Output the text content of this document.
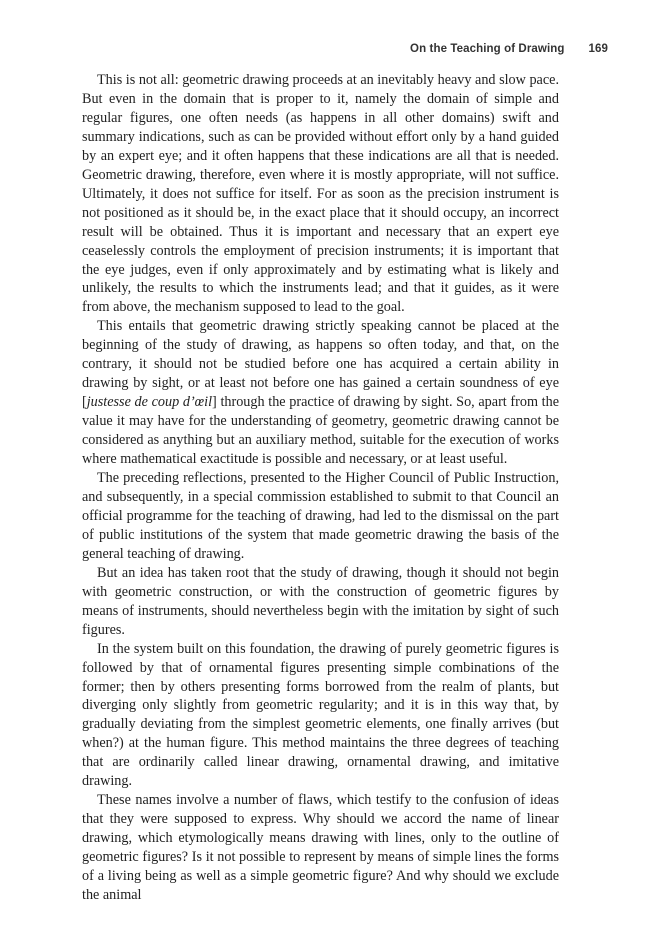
On the Teaching of Drawing 169

This is not all: geometric drawing proceeds at an inevitably heavy and slow pace. But even in the domain that is proper to it, namely the domain of simple and regular figures, one often needs (as happens in all other domains) swift and summary indications, such as can be provided without effort only by a hand guided by an expert eye; and it often happens that these indications are all that is needed. Geometric drawing, therefore, even where it is mostly appropriate, will not suffice. Ultimately, it does not suffice for itself. For as soon as the precision instrument is not positioned as it should be, in the exact place that it should occupy, an incorrect result will be obtained. Thus it is important and necessary that an expert eye ceaselessly controls the employment of precision instruments; it is important that the eye judges, even if only approximately and by estimating what is likely and unlikely, the results to which the instruments lead; and that it guides, as it were from above, the mechanism supposed to lead to the goal.

This entails that geometric drawing strictly speaking cannot be placed at the beginning of the study of drawing, as happens so often today, and that, on the contrary, it should not be studied before one has acquired a certain ability in drawing by sight, or at least not before one has gained a certain soundness of eye [justesse de coup d’œil] through the practice of drawing by sight. So, apart from the value it may have for the understanding of geometry, geometric drawing cannot be considered as anything but an auxiliary method, suitable for the execution of works where mathematical exactitude is possible and necessary, or at least useful.

The preceding reflections, presented to the Higher Council of Public Instruction, and subsequently, in a special commission established to submit to that Council an official programme for the teaching of drawing, had led to the dismissal on the part of public institutions of the system that made geometric drawing the basis of the general teaching of drawing.

But an idea has taken root that the study of drawing, though it should not begin with geometric construction, or with the construction of geometric figures by means of instruments, should nevertheless begin with the imitation by sight of such figures.

In the system built on this foundation, the drawing of purely geometric figures is followed by that of ornamental figures presenting simple combinations of the former; then by others presenting forms borrowed from the realm of plants, but diverging only slightly from geometric regularity; and it is in this way that, by gradually deviating from the simplest geometric elements, one finally arrives (but when?) at the human figure. This method maintains the three degrees of teaching that are ordinarily called linear drawing, ornamental drawing, and imitative drawing.

These names involve a number of flaws, which testify to the confusion of ideas that they were supposed to express. Why should we accord the name of linear drawing, which etymologically means drawing with lines, only to the outline of geometric figures? Is it not possible to represent by means of simple lines the forms of a living being as well as a simple geometric figure? And why should we exclude the animal
